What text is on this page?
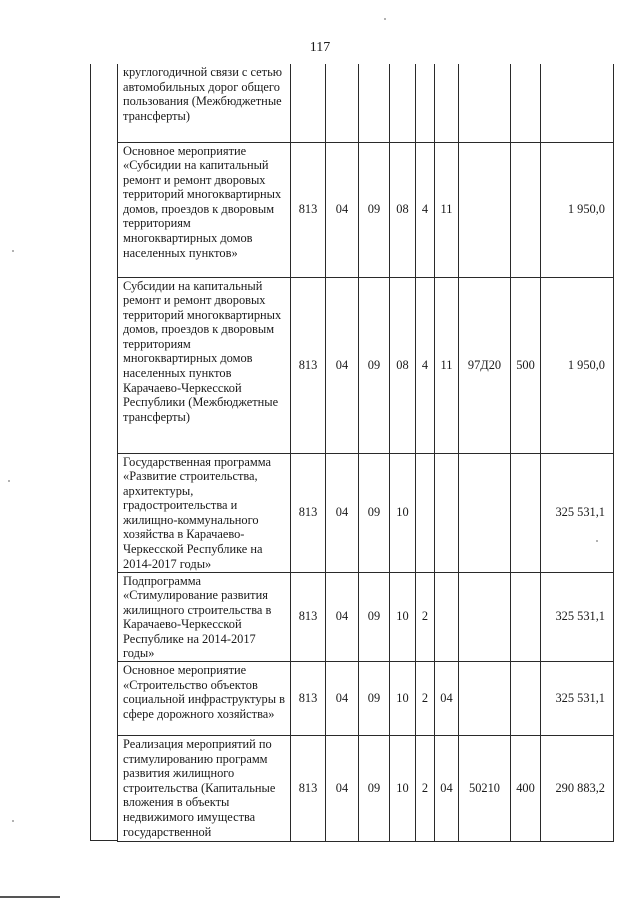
117
круглогодичной связи с сетью автомобильных дорог общего пользования (Межбюджетные трансферты)									
Основное мероприятие «Субсидии на капитальный ремонт и ремонт дворовых территорий многоквартирных домов, проездов к дворовым территориям многоквартирных домов населенных пунктов»	813	04	09	08	4	11			1 950,0
Субсидии на капитальный ремонт и ремонт дворовых территорий многоквартирных домов, проездов к дворовым территориям многоквартирных домов населенных пунктов Карачаево-Черкесской Республики (Межбюджетные трансферты)	813	04	09	08	4	11	97Д20	500	1 950,0
Государственная программа «Развитие строительства, архитектуры, градостроительства и жилищно-коммунального хозяйства в Карачаево-Черкесской Республике на 2014-2017 годы»	813	04	09	10					325 531,1
Подпрограмма «Стимулирование развития жилищного строительства в Карачаево-Черкесской Республике на 2014-2017 годы»	813	04	09	10	2				325 531,1
Основное мероприятие «Строительство объектов социальной инфраструктуры в сфере дорожного хозяйства»	813	04	09	10	2	04			325 531,1
Реализация мероприятий по стимулированию программ развития жилищного строительства (Капитальные вложения в объекты недвижимого имущества государственной	813	04	09	10	2	04	50210	400	290 883,2
